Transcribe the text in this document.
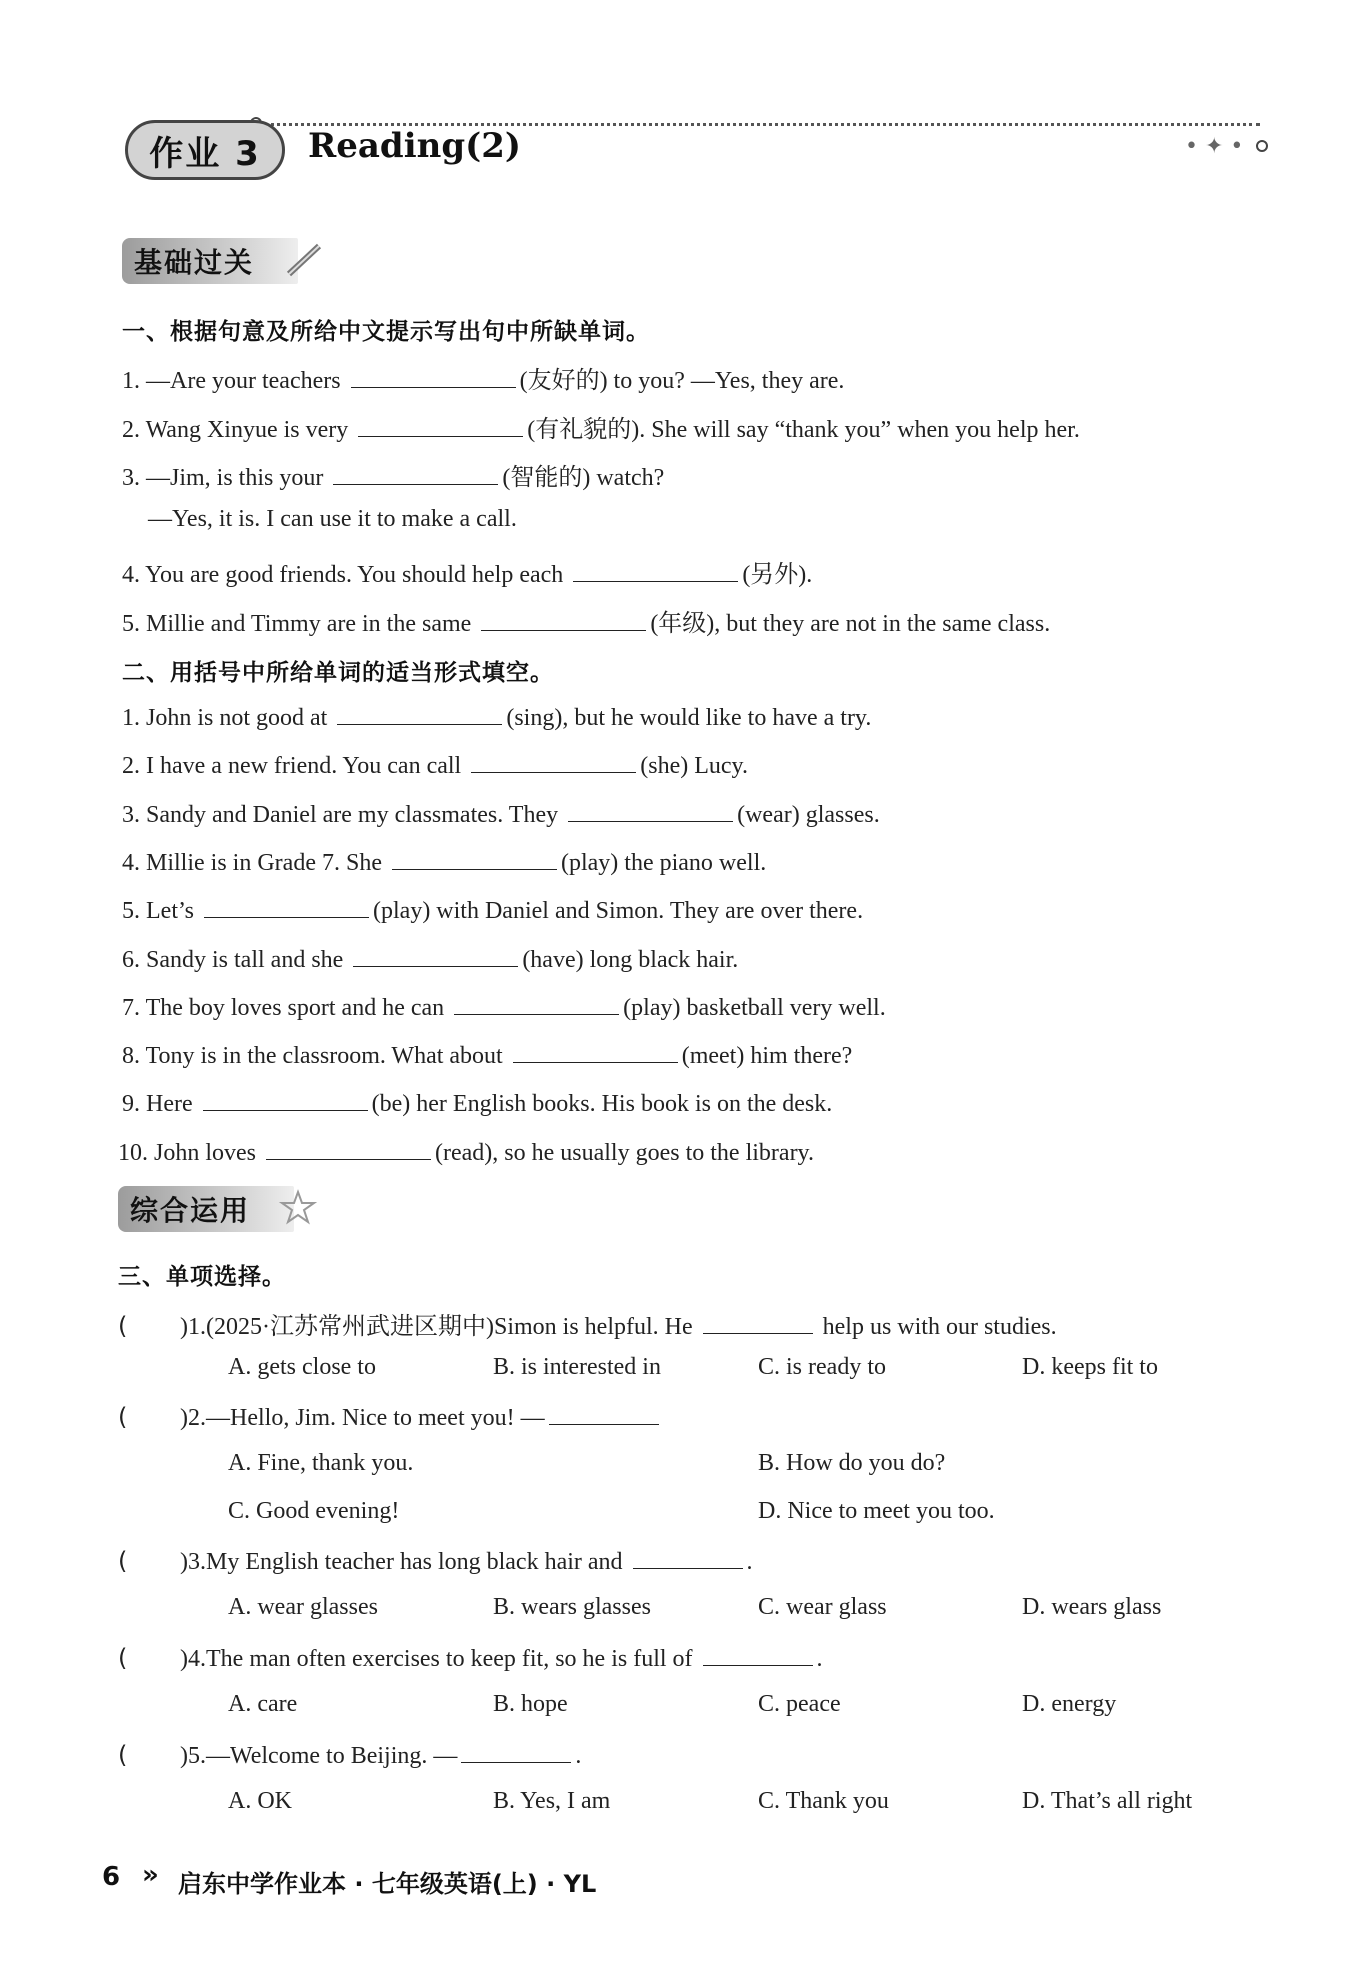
• ✦ •
作业 3	Reading(2)
基础过关
一、根据句意及所给中文提示写出句中所缺单词。
1. —Are your teachers	(友好的) to you? —Yes, they are.
2. Wang Xinyue is very	(有礼貌的). She will say “thank you” when you help her.
3. —Jim, is this your	(智能的) watch?
—Yes, it is. I can use it to make a call.
4. You are good friends. You should help each	(另外).
5. Millie and Timmy are in the same	(年级), but they are not in the same class.
二、用括号中所给单词的适当形式填空。
1. John is not good at	(sing), but he would like to have a try.
2. I have a new friend. You can call	(she) Lucy.
3. Sandy and Daniel are my classmates. They	(wear) glasses.
4. Millie is in Grade 7. She	(play) the piano well.
5. Let’s	(play) with Daniel and Simon. They are over there.
6. Sandy is tall and she	(have) long black hair.
7. The boy loves sport and he can	(play) basketball very well.
8. Tony is in the classroom. What about	(meet) him there?
9. Here	(be) her English books. His book is on the desk.
10. John loves	(read), so he usually goes to the library.
综合运用
三、单项选择。
( )1.(2025·江苏常州武进区期中)Simon is helpful. He	help us with our studies.
A. gets close to	B. is interested in	C. is ready to	D. keeps fit to
( )2.—Hello, Jim. Nice to meet you! —
A. Fine, thank you.	B. How do you do?
C. Good evening!	D. Nice to meet you too.
( )3.My English teacher has long black hair and	.
A. wear glasses	B. wears glasses	C. wear glass	D. wears glass
( )4.The man often exercises to keep fit, so he is full of	.
A. care	B. hope	C. peace	D. energy
( )5.—Welcome to Beijing. —	.
A. OK	B. Yes, I am	C. Thank you	D. That’s all right
6 » 启东中学作业本 · 七年级英语(上) · YL
